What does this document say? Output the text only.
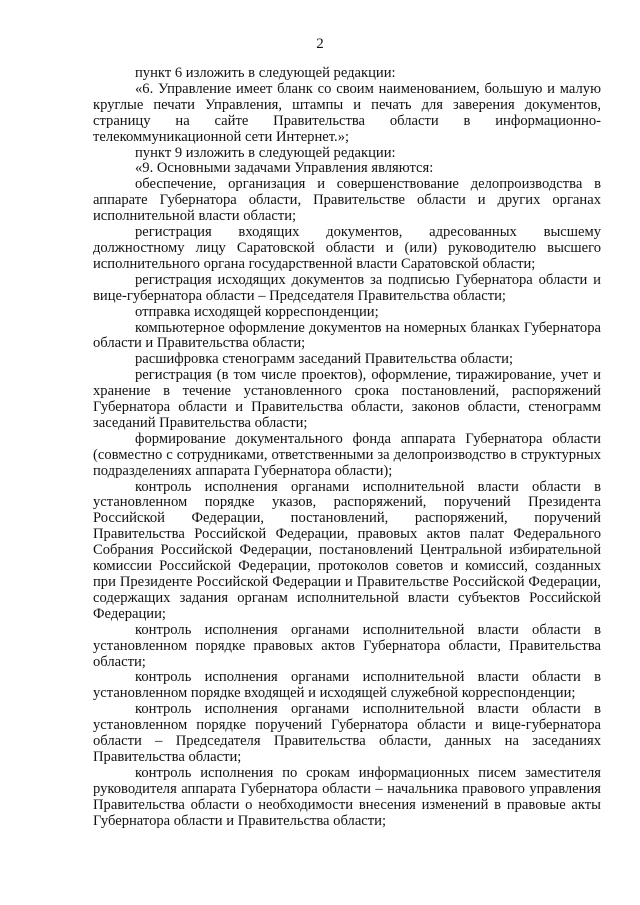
2

пункт 6 изложить в следующей редакции:

«6. Управление имеет бланк со своим наименованием, большую и малую круглые печати Управления, штампы и печать для заверения документов, страницу на сайте Правительства области в информационно-телекоммуникационной сети Интернет.»;

пункт 9 изложить в следующей редакции:

«9. Основными задачами Управления являются:

обеспечение, организация и совершенствование делопроизводства в аппарате Губернатора области, Правительстве области и других органах исполнительной власти области;

регистрация входящих документов, адресованных высшему должностному лицу Саратовской области и (или) руководителю высшего исполнительного органа государственной власти Саратовской области;

регистрация исходящих документов за подписью Губернатора области и вице-губернатора области – Председателя Правительства области;

отправка исходящей корреспонденции;

компьютерное оформление документов на номерных бланках Губернатора области и Правительства области;

расшифровка стенограмм заседаний Правительства области;

регистрация (в том числе проектов), оформление, тиражирование, учет и хранение в течение установленного срока постановлений, распоряжений Губернатора области и Правительства области, законов области, стенограмм заседаний Правительства области;

формирование документального фонда аппарата Губернатора области (совместно с сотрудниками, ответственными за делопроизводство в структурных подразделениях аппарата Губернатора области);

контроль исполнения органами исполнительной власти области в установленном порядке указов, распоряжений, поручений Президента Российской Федерации, постановлений, распоряжений, поручений Правительства Российской Федерации, правовых актов палат Федерального Собрания Российской Федерации, постановлений Центральной избирательной комиссии Российской Федерации, протоколов советов и комиссий, созданных при Президенте Российской Федерации и Правительстве Российской Федерации, содержащих задания органам исполнительной власти субъектов Российской Федерации;

контроль исполнения органами исполнительной власти области в установленном порядке правовых актов Губернатора области, Правительства области;

контроль исполнения органами исполнительной власти области в установленном порядке входящей и исходящей служебной корреспонденции;

контроль исполнения органами исполнительной власти области в установленном порядке поручений Губернатора области и вице-губернатора области – Председателя Правительства области, данных на заседаниях Правительства области;

контроль исполнения по срокам информационных писем заместителя руководителя аппарата Губернатора области – начальника правового управления Правительства области о необходимости внесения изменений в правовые акты Губернатора области и Правительства области;
